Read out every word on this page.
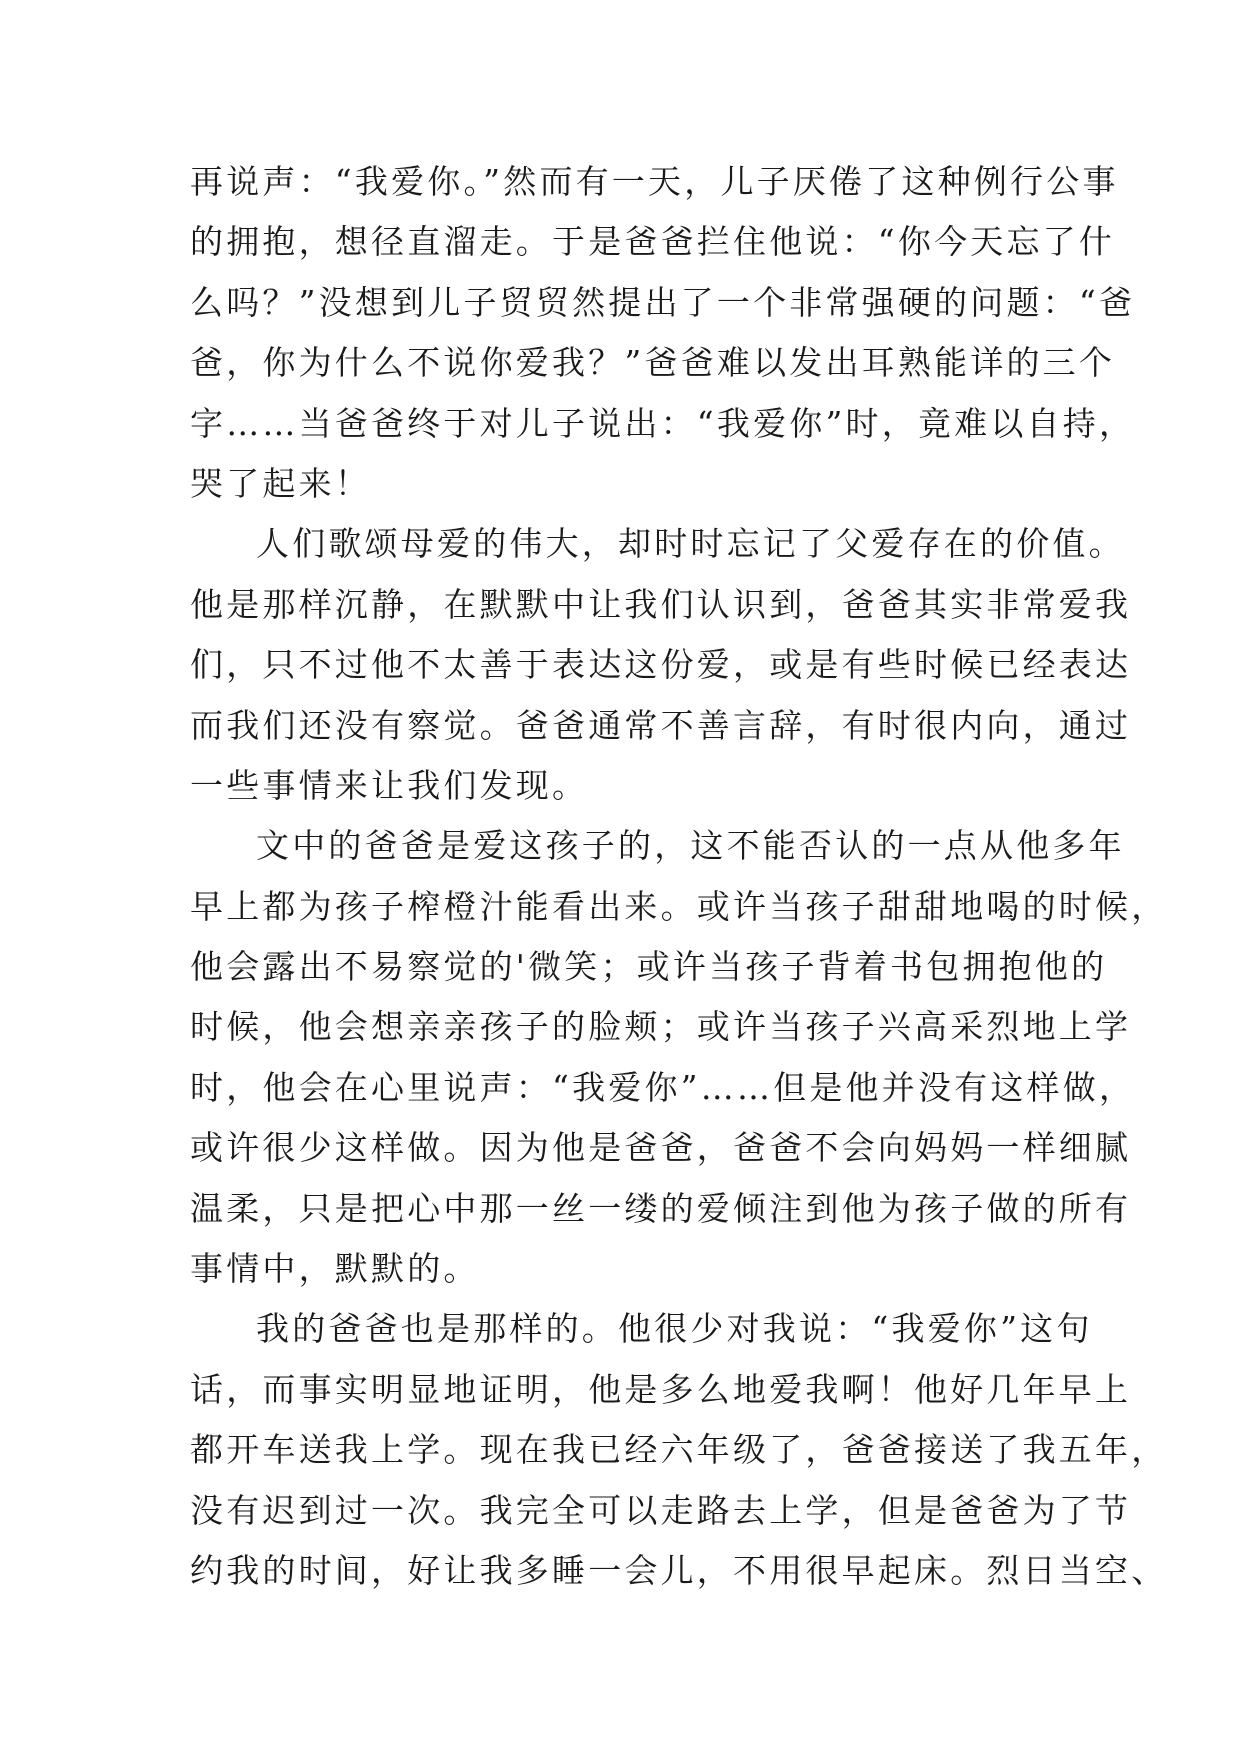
再说声：“我爱你。”然而有一天，儿子厌倦了这种例行公事
的拥抱，想径直溜走。于是爸爸拦住他说：“你今天忘了什
么吗？”没想到儿子贸贸然提出了一个非常强硬的问题：“爸
爸，你为什么不说你爱我？”爸爸难以发出耳熟能详的三个
字……当爸爸终于对儿子说出：“我爱你”时，竟难以自持，
哭了起来！
人们歌颂母爱的伟大，却时时忘记了父爱存在的价值。
他是那样沉静，在默默中让我们认识到，爸爸其实非常爱我
们，只不过他不太善于表达这份爱，或是有些时候已经表达
而我们还没有察觉。爸爸通常不善言辞，有时很内向，通过
一些事情来让我们发现。
文中的爸爸是爱这孩子的，这不能否认的一点从他多年
早上都为孩子榨橙汁能看出来。或许当孩子甜甜地喝的时候，
他会露出不易察觉的'微笑；或许当孩子背着书包拥抱他的
时候，他会想亲亲孩子的脸颊；或许当孩子兴高采烈地上学
时，他会在心里说声：“我爱你”……但是他并没有这样做，
或许很少这样做。因为他是爸爸，爸爸不会向妈妈一样细腻
温柔，只是把心中那一丝一缕的爱倾注到他为孩子做的所有
事情中，默默的。
我的爸爸也是那样的。他很少对我说：“我爱你”这句
话，而事实明显地证明，他是多么地爱我啊！他好几年早上
都开车送我上学。现在我已经六年级了，爸爸接送了我五年，
没有迟到过一次。我完全可以走路去上学，但是爸爸为了节
约我的时间，好让我多睡一会儿，不用很早起床。烈日当空、
